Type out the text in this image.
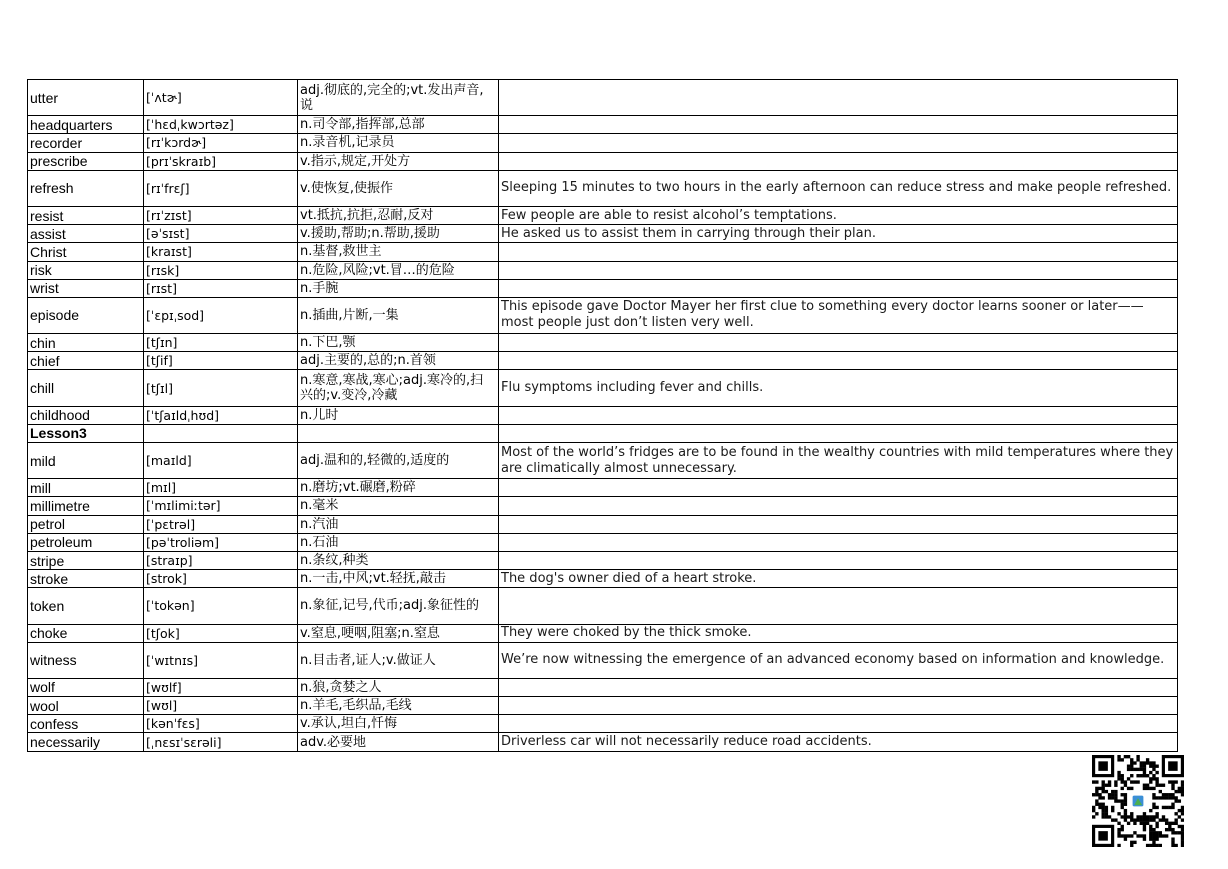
utter	[ˈʌtɚ]	adj.彻底的,完全的;vt.发出声音,说	
headquarters	[ˈhɛdˌkwɔrtəz]	n.司令部,指挥部,总部	
recorder	[rɪˈkɔrdɚ]	n.录音机,记录员	
prescribe	[prɪˈskraɪb]	v.指示,规定,开处方	
refresh	[rɪˈfrɛʃ]	v.使恢复,使振作	Sleeping 15 minutes to two hours in the early afternoon can reduce stress and make people refreshed.
resist	[rɪˈzɪst]	vt.抵抗,抗拒,忍耐,反对	Few people are able to resist alcohol’s temptations.
assist	[əˈsɪst]	v.援助,帮助;n.帮助,援助	He asked us to assist them in carrying through their plan.
Christ	[kraɪst]	n.基督,救世主	
risk	[rɪsk]	n.危险,风险;vt.冒…的危险	
wrist	[rɪst]	n.手腕	
episode	[ˈɛpɪˌsod]	n.插曲,片断,一集	This episode gave Doctor Mayer her first clue to something every doctor learns sooner or later——most people just don’t listen very well.
chin	[tʃɪn]	n.下巴,颚	
chief	[tʃif]	adj.主要的,总的;n.首领	
chill	[tʃɪl]	n.寒意,寒战,寒心;adj.寒冷的,扫兴的;v.变冷,冷藏	Flu symptoms including fever and chills.
childhood	[ˈtʃaɪldˌhʊd]	n.儿时	
Lesson3			
mild	[maɪld]	adj.温和的,轻微的,适度的	Most of the world’s fridges are to be found in the wealthy countries with mild temperatures where they are climatically almost unnecessary.
mill	[mɪl]	n.磨坊;vt.碾磨,粉碎	
millimetre	[ˈmɪlimiːtər]	n.毫米	
petrol	[ˈpɛtrəl]	n.汽油	
petroleum	[pəˈtroliəm]	n.石油	
stripe	[straɪp]	n.条纹,种类	
stroke	[strok]	n.一击,中风;vt.轻抚,敲击	The dog's owner died of a heart stroke.
token	[ˈtokən]	n.象征,记号,代币;adj.象征性的	
choke	[tʃok]	v.窒息,哽咽,阻塞;n.窒息	They were choked by the thick smoke.
witness	[ˈwɪtnɪs]	n.目击者,证人;v.做证人	We’re now witnessing the emergence of an advanced economy based on information and knowledge.
wolf	[wʊlf]	n.狼,贪婪之人	
wool	[wʊl]	n.羊毛,毛织品,毛线	
confess	[kənˈfɛs]	v.承认,坦白,忏悔	
necessarily	[ˌnɛsɪˈsɛrəli]	adv.必要地	Driverless car will not necessarily reduce road accidents.
